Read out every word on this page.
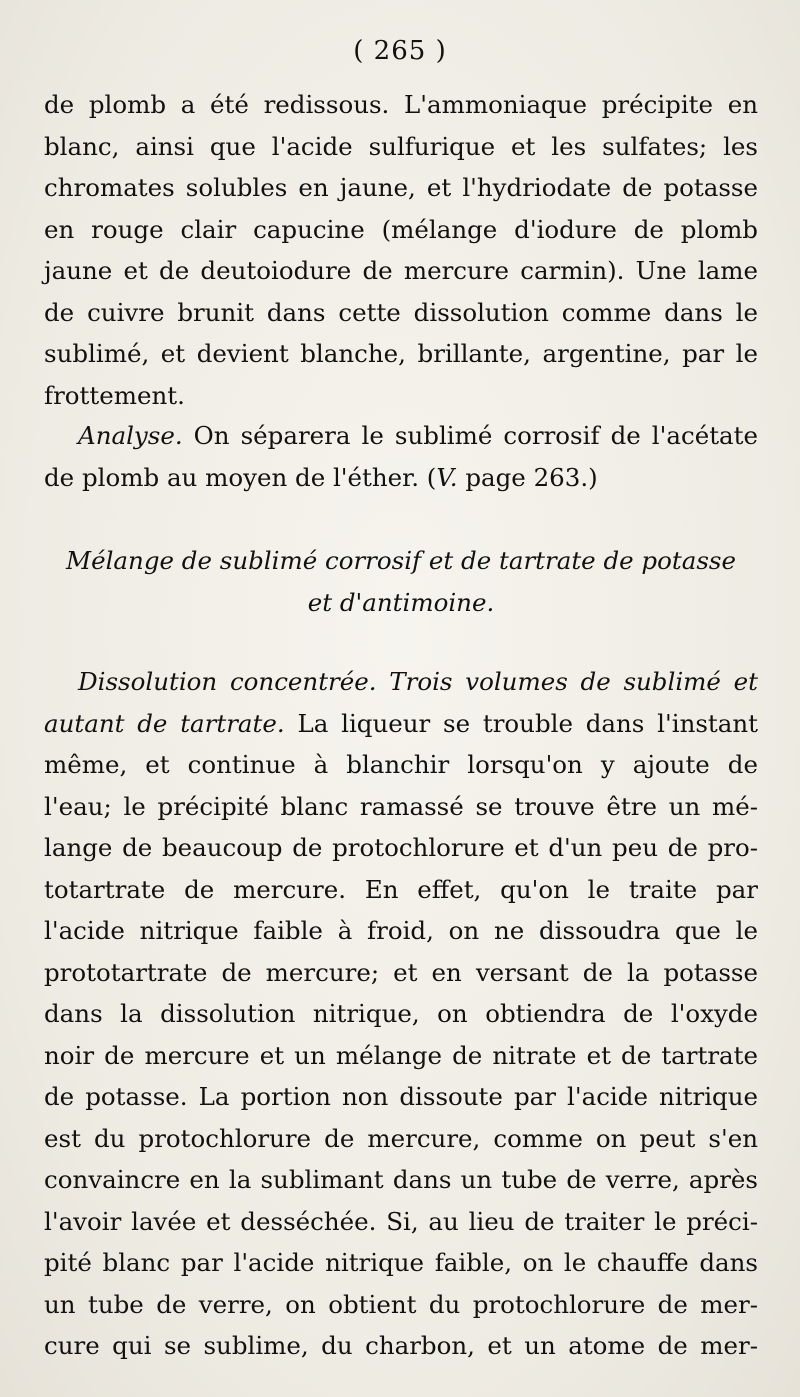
( 265 )
de plomb a été redissous. L'ammoniaque précipite en
blanc, ainsi que l'acide sulfurique et les sulfates; les
chromates solubles en jaune, et l'hydriodate de potasse
en rouge clair capucine (mélange d'iodure de plomb
jaune et de deutoiodure de mercure carmin). Une lame
de cuivre brunit dans cette dissolution comme dans le
sublimé, et devient blanche, brillante, argentine, par le
frottement.
Analyse. On séparera le sublimé corrosif de l'acétate
de plomb au moyen de l'éther. (V. page 263.)
Mélange de sublimé corrosif et de tartrate de potasse
et d'antimoine.
Dissolution concentrée. Trois volumes de sublimé et
autant de tartrate. La liqueur se trouble dans l'instant
même, et continue à blanchir lorsqu'on y ajoute de
l'eau; le précipité blanc ramassé se trouve être un mé-
lange de beaucoup de protochlorure et d'un peu de pro-
totartrate de mercure. En effet, qu'on le traite par
l'acide nitrique faible à froid, on ne dissoudra que le
prototartrate de mercure; et en versant de la potasse
dans la dissolution nitrique, on obtiendra de l'oxyde
noir de mercure et un mélange de nitrate et de tartrate
de potasse. La portion non dissoute par l'acide nitrique
est du protochlorure de mercure, comme on peut s'en
convaincre en la sublimant dans un tube de verre, après
l'avoir lavée et desséchée. Si, au lieu de traiter le préci-
pité blanc par l'acide nitrique faible, on le chauffe dans
un tube de verre, on obtient du protochlorure de mer-
cure qui se sublime, du charbon, et un atome de mer-
